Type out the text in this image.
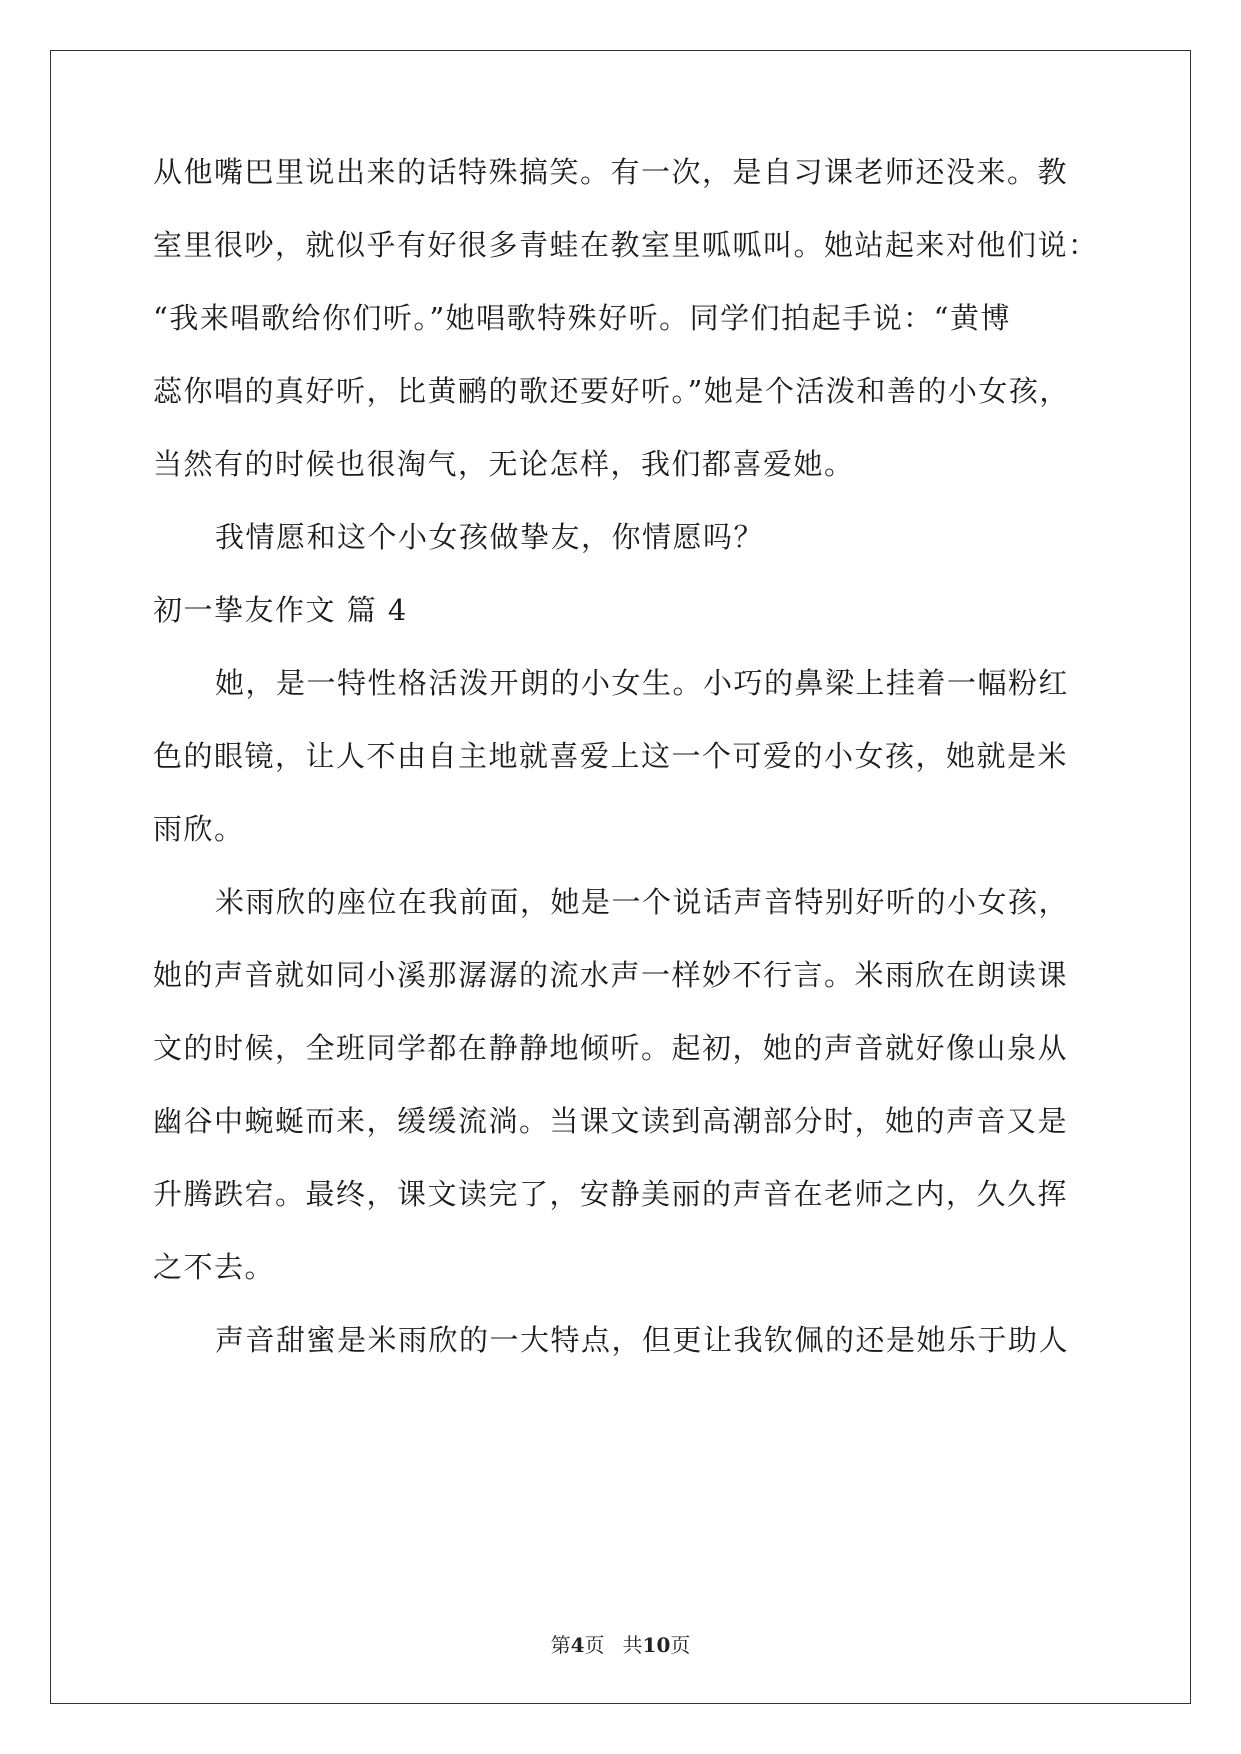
从他嘴巴里说出来的话特殊搞笑。有一次，是自习课老师还没来。教
室里很吵，就似乎有好很多青蛙在教室里呱呱叫。她站起来对他们说：
“我来唱歌给你们听。”她唱歌特殊好听。同学们拍起手说：“黄博
蕊你唱的真好听，比黄鹂的歌还要好听。”她是个活泼和善的小女孩，
当然有的时候也很淘气，无论怎样，我们都喜爱她。
我情愿和这个小女孩做挚友，你情愿吗？
初一挚友作文 篇 4
她，是一特性格活泼开朗的小女生。小巧的鼻梁上挂着一幅粉红
色的眼镜，让人不由自主地就喜爱上这一个可爱的小女孩，她就是米
雨欣。
米雨欣的座位在我前面，她是一个说话声音特别好听的小女孩，
她的声音就如同小溪那潺潺的流水声一样妙不行言。米雨欣在朗读课
文的时候，全班同学都在静静地倾听。起初，她的声音就好像山泉从
幽谷中蜿蜒而来，缓缓流淌。当课文读到高潮部分时，她的声音又是
升腾跌宕。最终，课文读完了，安静美丽的声音在老师之内，久久挥
之不去。
声音甜蜜是米雨欣的一大特点，但更让我钦佩的还是她乐于助人
第4页 共10页
